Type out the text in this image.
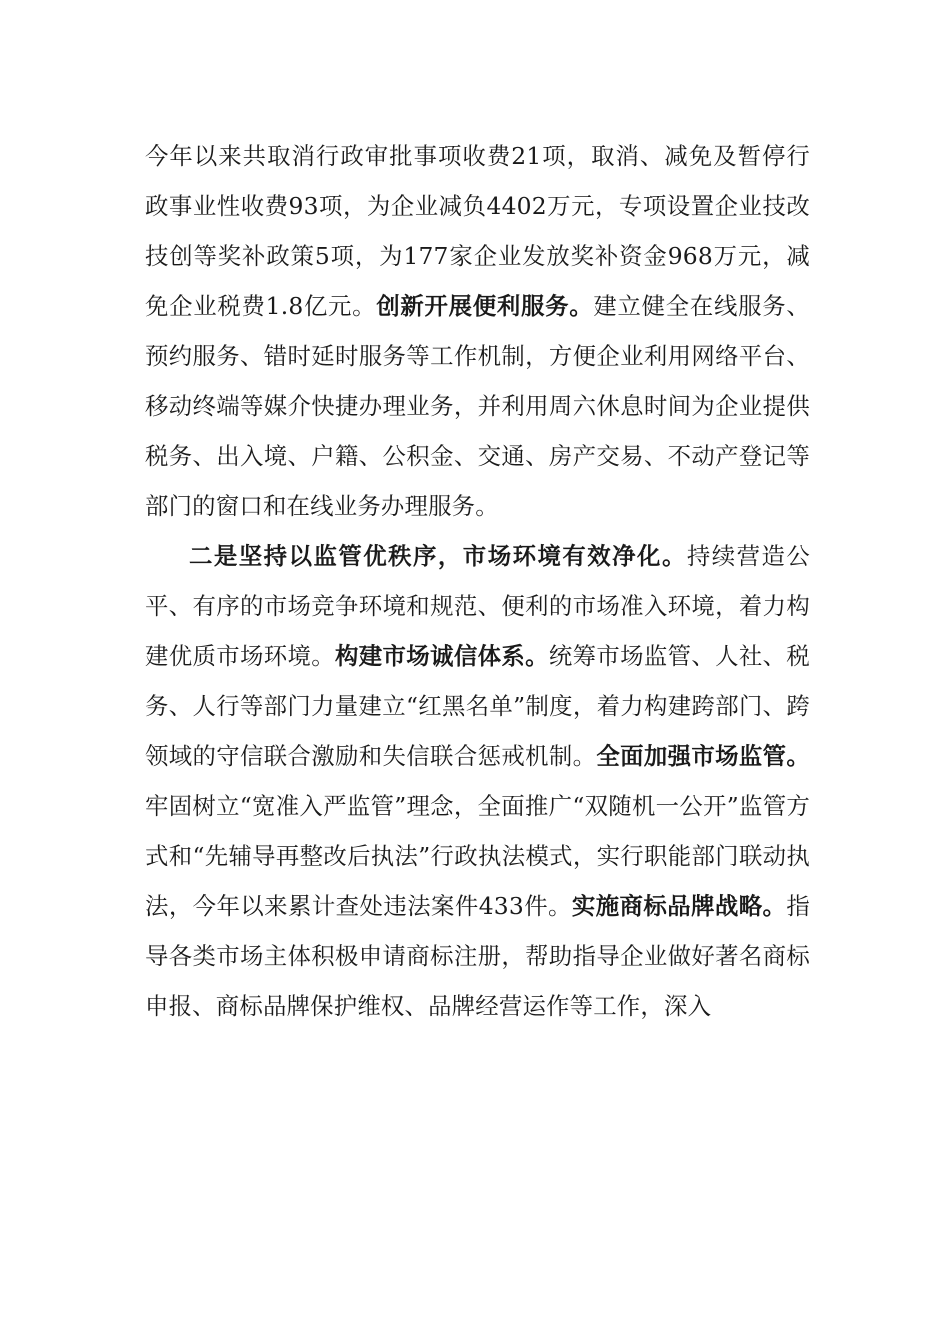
今年以来共取消行政审批事项收费21项，取消、减免及暂停行政事业性收费93项，为企业减负4402万元，专项设置企业技改技创等奖补政策5项，为177家企业发放奖补资金968万元，减免企业税费1.8亿元。创新开展便利服务。建立健全在线服务、预约服务、错时延时服务等工作机制，方便企业利用网络平台、移动终端等媒介快捷办理业务，并利用周六休息时间为企业提供税务、出入境、户籍、公积金、交通、房产交易、不动产登记等部门的窗口和在线业务办理服务。

二是坚持以监管优秩序，市场环境有效净化。持续营造公平、有序的市场竞争环境和规范、便利的市场准入环境，着力构建优质市场环境。构建市场诚信体系。统筹市场监管、人社、税务、人行等部门力量建立“红黑名单”制度，着力构建跨部门、跨领域的守信联合激励和失信联合惩戒机制。全面加强市场监管。牢固树立“宽准入严监管”理念，全面推广“双随机一公开”监管方式和“先辅导再整改后执法”行政执法模式，实行职能部门联动执法，今年以来累计查处违法案件433件。实施商标品牌战略。指导各类市场主体积极申请商标注册，帮助指导企业做好著名商标申报、商标品牌保护维权、品牌经营运作等工作，深入
